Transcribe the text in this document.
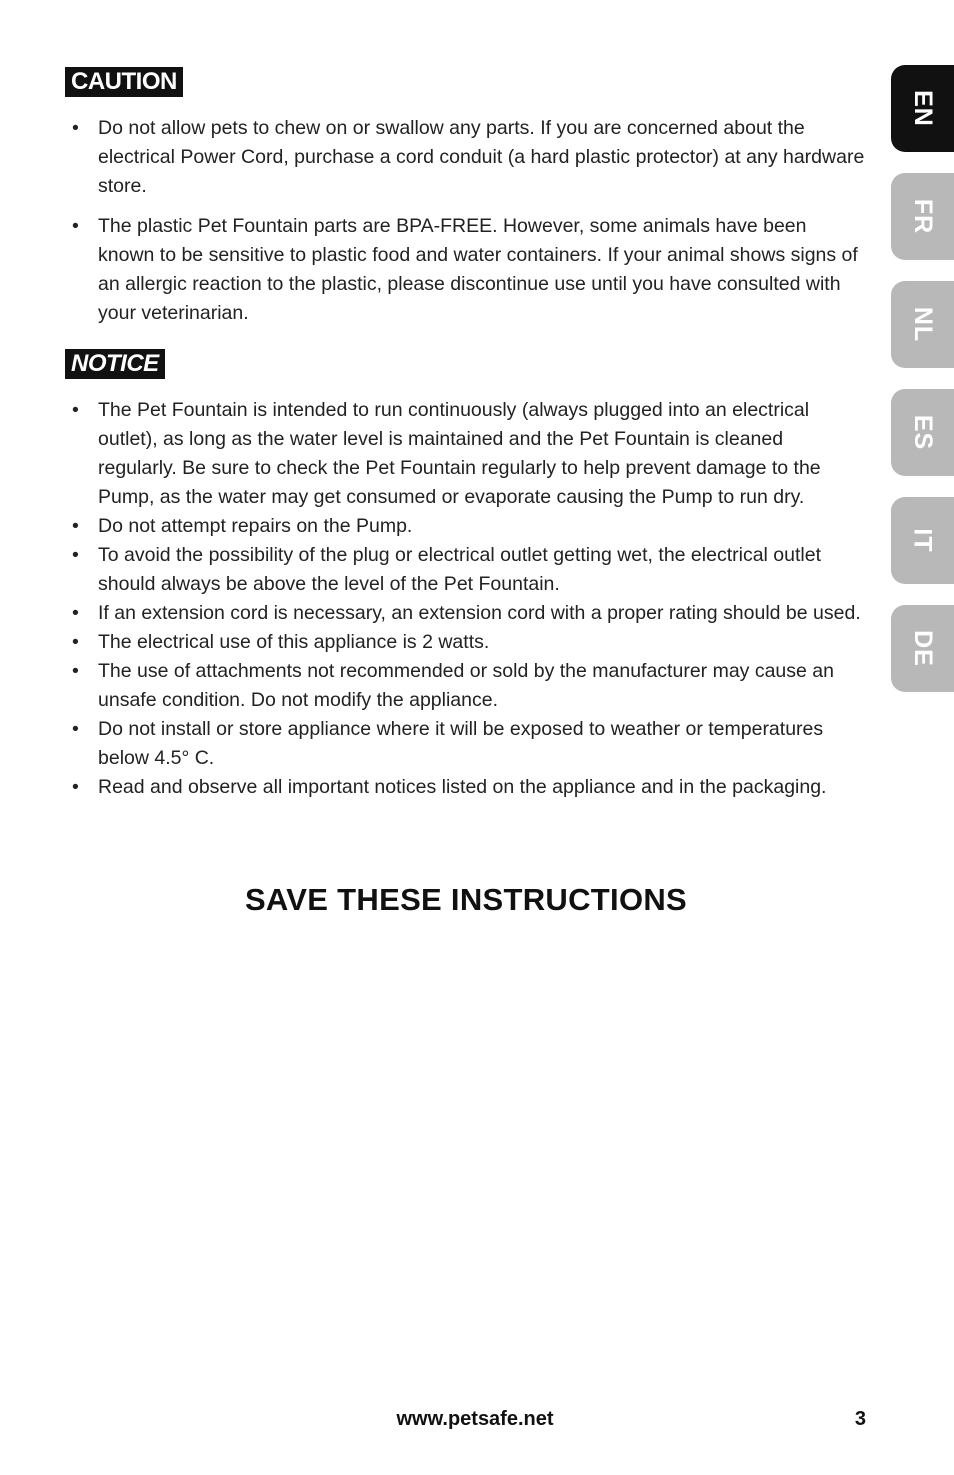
CAUTION
• Do not allow pets to chew on or swallow any parts. If you are concerned about the electrical Power Cord, purchase a cord conduit (a hard plastic protector) at any hardware store.
• The plastic Pet Fountain parts are BPA-FREE. However, some animals have been known to be sensitive to plastic food and water containers. If your animal shows signs of an allergic reaction to the plastic, please discontinue use until you have consulted with your veterinarian.
NOTICE
• The Pet Fountain is intended to run continuously (always plugged into an electrical outlet), as long as the water level is maintained and the Pet Fountain is cleaned regularly. Be sure to check the Pet Fountain regularly to help prevent damage to the Pump, as the water may get consumed or evaporate causing the Pump to run dry.
• Do not attempt repairs on the Pump.
• To avoid the possibility of the plug or electrical outlet getting wet, the electrical outlet should always be above the level of the Pet Fountain.
• If an extension cord is necessary, an extension cord with a proper rating should be used.
• The electrical use of this appliance is 2 watts.
• The use of attachments not recommended or sold by the manufacturer may cause an unsafe condition. Do not modify the appliance.
• Do not install or store appliance where it will be exposed to weather or temperatures below 4.5° C.
• Read and observe all important notices listed on the appliance and in the packaging.
SAVE THESE INSTRUCTIONS
www.petsafe.net	3
EN
FR
NL
ES
IT
DE
